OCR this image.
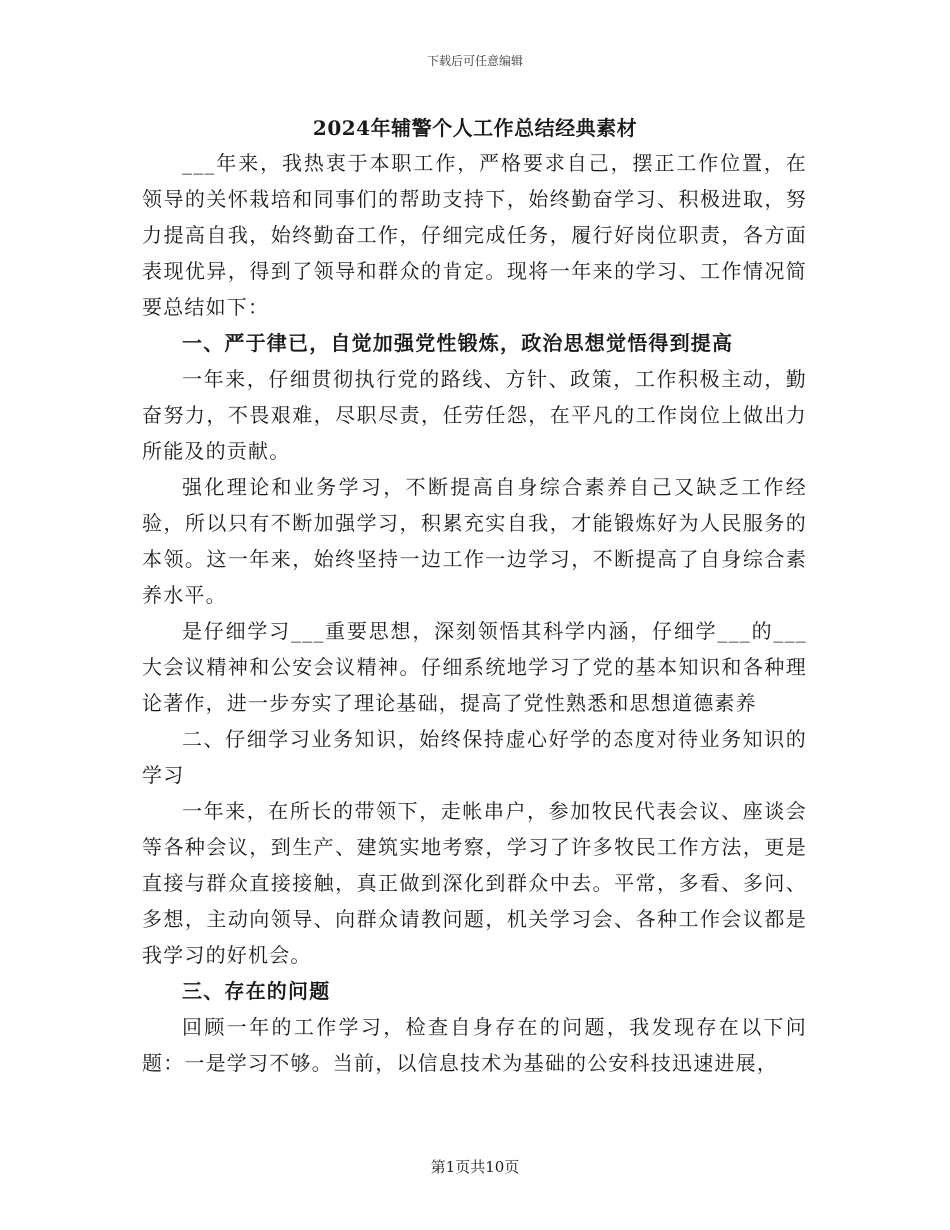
下载后可任意编辑
2024年辅警个人工作总结经典素材

___年来，我热衷于本职工作，严格要求自己，摆正工作位置，在领导的关怀栽培和同事们的帮助支持下，始终勤奋学习、积极进取，努力提高自我，始终勤奋工作，仔细完成任务，履行好岗位职责，各方面表现优异，得到了领导和群众的肯定。现将一年来的学习、工作情况简要总结如下：

一、严于律已，自觉加强党性锻炼，政治思想觉悟得到提高

一年来，仔细贯彻执行党的路线、方针、政策，工作积极主动，勤奋努力，不畏艰难，尽职尽责，任劳任怨，在平凡的工作岗位上做出力所能及的贡献。

强化理论和业务学习，不断提高自身综合素养自己又缺乏工作经验，所以只有不断加强学习，积累充实自我，才能锻炼好为人民服务的本领。这一年来，始终坚持一边工作一边学习，不断提高了自身综合素养水平。

是仔细学习___重要思想，深刻领悟其科学内涵，仔细学___的___大会议精神和公安会议精神。仔细系统地学习了党的基本知识和各种理论著作，进一步夯实了理论基础，提高了党性熟悉和思想道德素养

二、仔细学习业务知识，始终保持虚心好学的态度对待业务知识的学习

一年来，在所长的带领下，走帐串户，参加牧民代表会议、座谈会等各种会议，到生产、建筑实地考察，学习了许多牧民工作方法，更是直接与群众直接接触，真正做到深化到群众中去。平常，多看、多问、多想，主动向领导、向群众请教问题，机关学习会、各种工作会议都是我学习的好机会。

三、存在的问题

回顾一年的工作学习，检查自身存在的问题，我发现存在以下问题：一是学习不够。当前，以信息技术为基础的公安科技迅速进展，

第1页共10页
